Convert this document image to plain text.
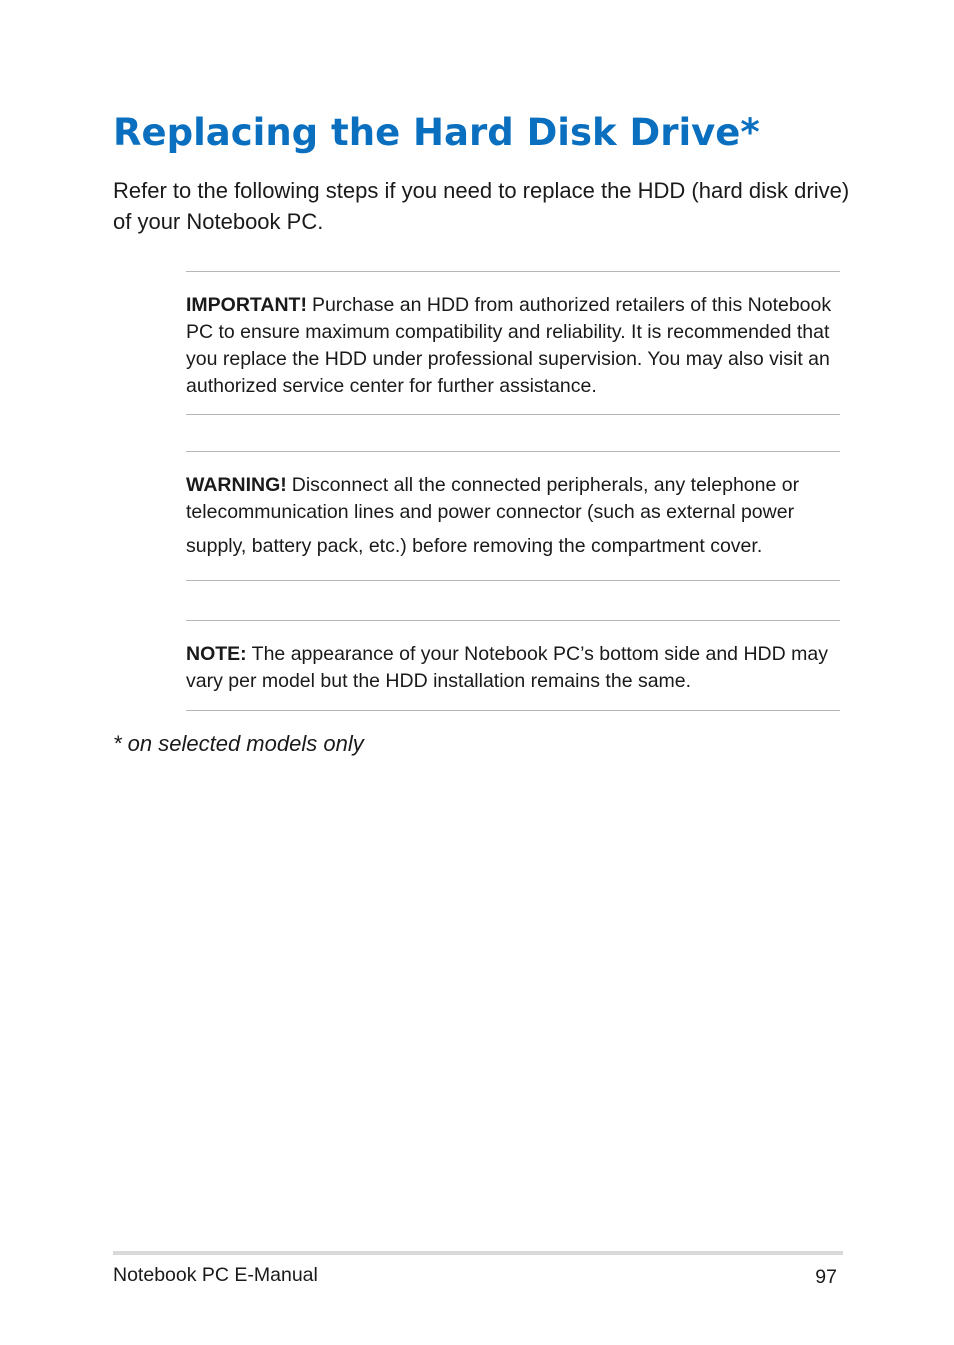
Replacing the Hard Disk Drive*

Refer to the following steps if you need to replace the HDD (hard disk drive) of your Notebook PC.

IMPORTANT! Purchase an HDD from authorized retailers of this Notebook PC to ensure maximum compatibility and reliability. It is recommended that you replace the HDD under professional supervision. You may also visit an authorized service center for further assistance.

WARNING! Disconnect all the connected peripherals, any telephone or telecommunication lines and power connector (such as external power
supply, battery pack, etc.) before removing the compartment cover.

NOTE: The appearance of your Notebook PC’s bottom side and HDD may vary per model but the HDD installation remains the same.

* on selected models only

Notebook PC E-Manual	97
